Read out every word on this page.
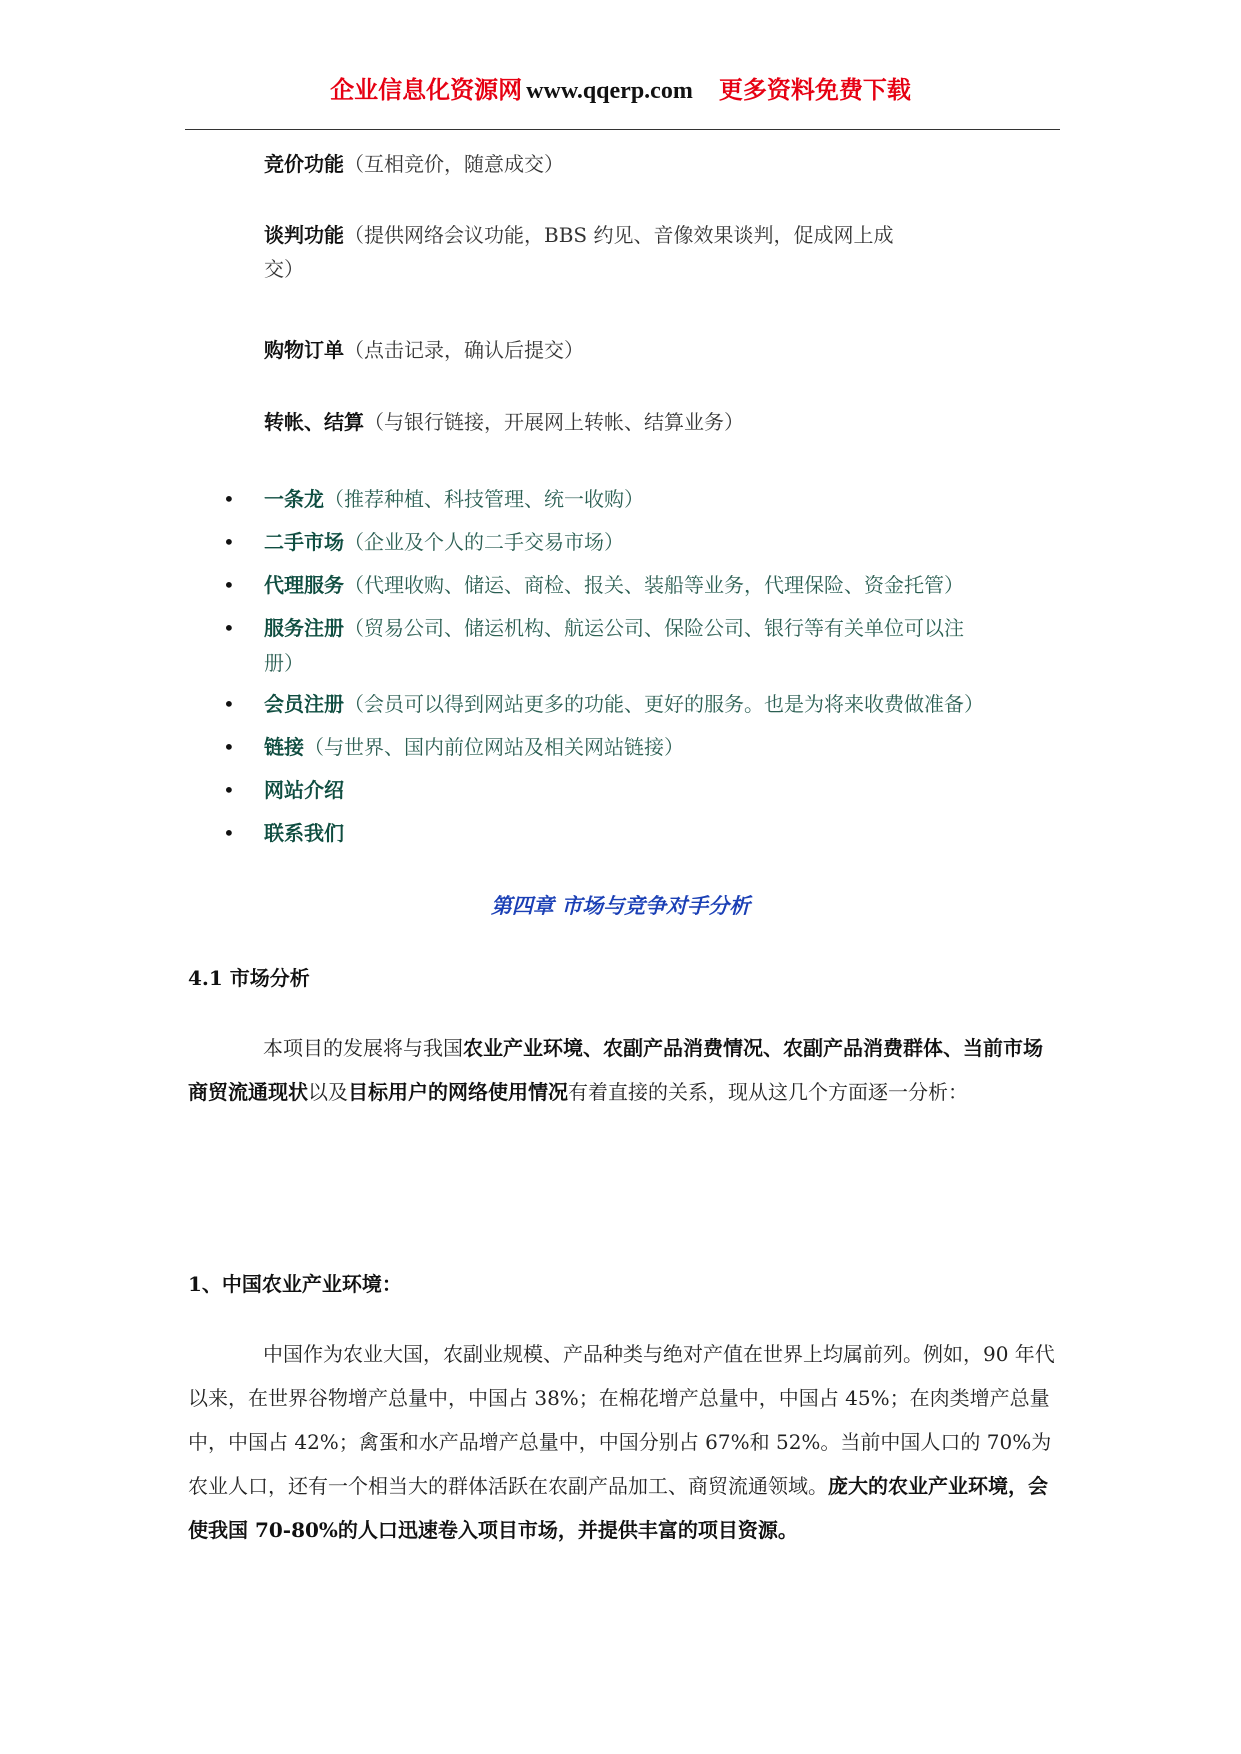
企业信息化资源网 www.qqerp.com 更多资料免费下载
竞价功能（互相竞价，随意成交）
谈判功能（提供网络会议功能，BBS 约见、音像效果谈判，促成网上成
交）
购物订单（点击记录，确认后提交）
转帐、结算（与银行链接，开展网上转帐、结算业务）
• 一条龙（推荐种植、科技管理、统一收购）
• 二手市场（企业及个人的二手交易市场）
• 代理服务（代理收购、储运、商检、报关、装船等业务，代理保险、资金托管）
• 服务注册（贸易公司、储运机构、航运公司、保险公司、银行等有关单位可以注
册）
• 会员注册（会员可以得到网站更多的功能、更好的服务。也是为将来收费做准备）
• 链接（与世界、国内前位网站及相关网站链接）
• 网站介绍
• 联系我们
第四章 市场与竞争对手分析
4.1 市场分析
本项目的发展将与我国农业产业环境、农副产品消费情况、农副产品消费群体、当前市场商贸流通现状以及目标用户的网络使用情况有着直接的关系，现从这几个方面逐一分析：
1、中国农业产业环境：
中国作为农业大国，农副业规模、产品种类与绝对产值在世界上均属前列。例如，90 年代以来，在世界谷物增产总量中，中国占 38%；在棉花增产总量中，中国占 45%；在肉类增产总量中，中国占 42%；禽蛋和水产品增产总量中，中国分别占 67%和 52%。当前中国人口的 70%为农业人口，还有一个相当大的群体活跃在农副产品加工、商贸流通领域。庞大的农业产业环境，会使我国 70-80%的人口迅速卷入项目市场，并提供丰富的项目资源。
